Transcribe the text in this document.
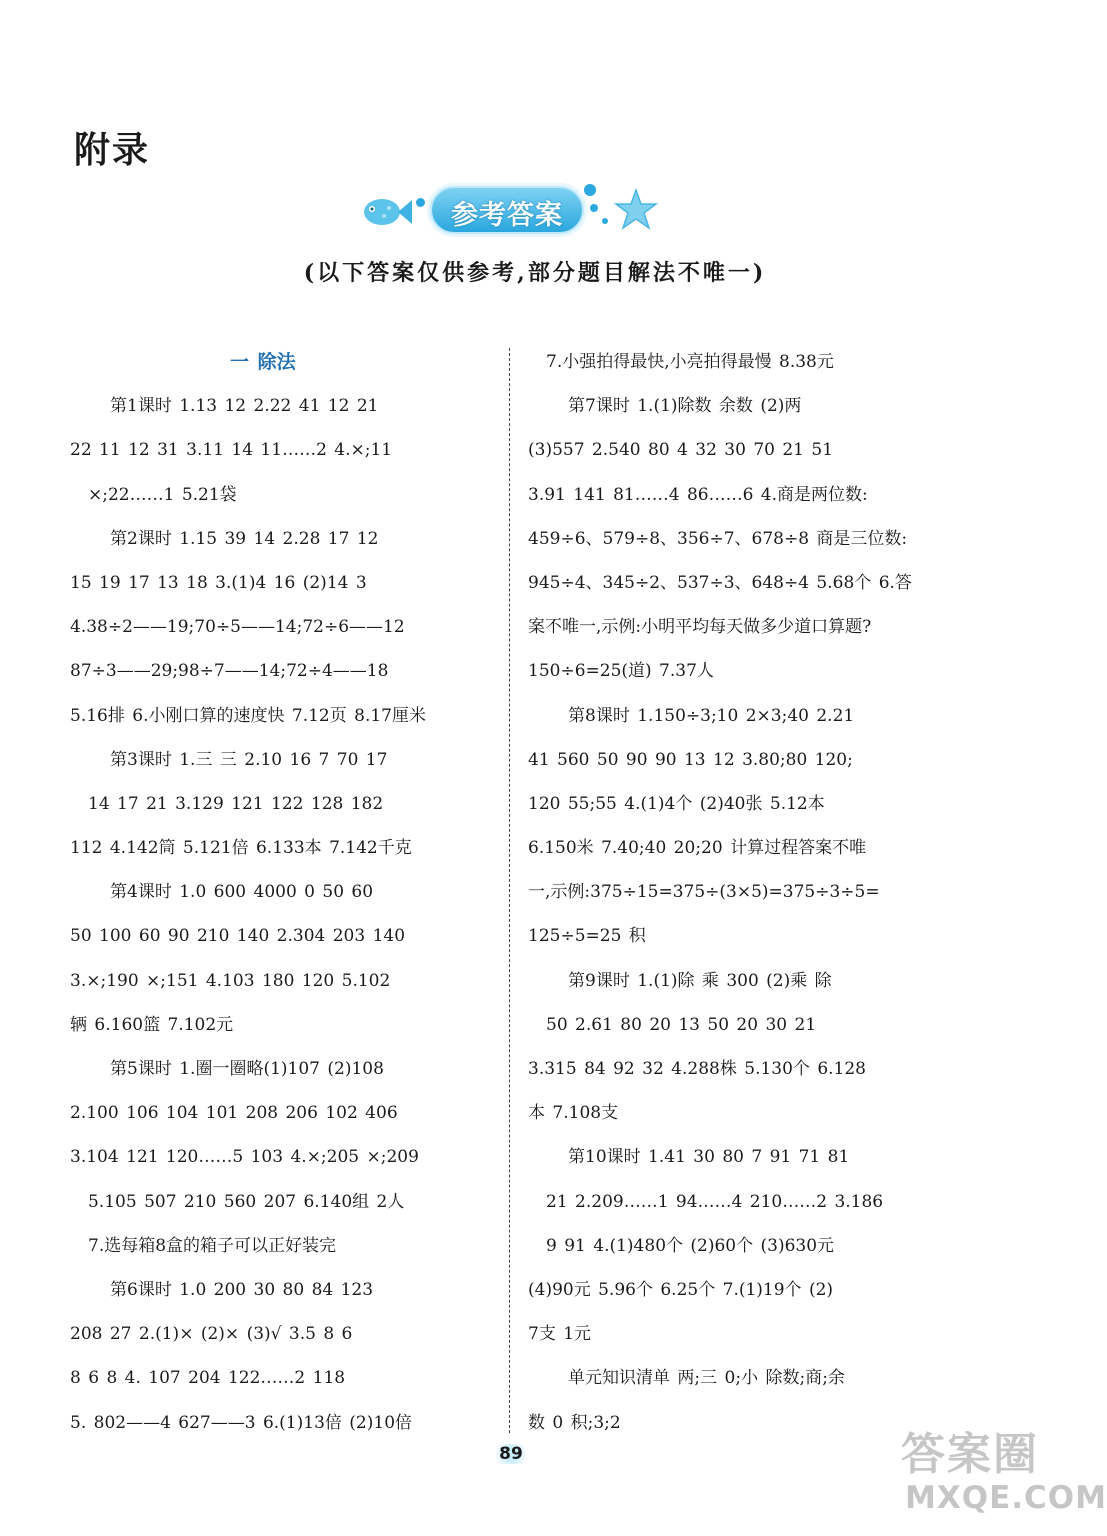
附录
参考答案
(以下答案仅供参考,部分题目解法不唯一)
一 除法
第1课时 1.13 12 2.22 41 12 21
22 11 12 31 3.11 14 11……2 4.×;11
×;22……1 5.21袋
第2课时 1.15 39 14 2.28 17 12
15 19 17 13 18 3.(1)4 16 (2)14 3
4.38÷2——19;70÷5——14;72÷6——12
87÷3——29;98÷7——14;72÷4——18
5.16排 6.小刚口算的速度快 7.12页 8.17厘米
第3课时 1.三 三 2.10 16 7 70 17
14 17 21 3.129 121 122 128 182
112 4.142筒 5.121倍 6.133本 7.142千克
第4课时 1.0 600 4000 0 50 60
50 100 60 90 210 140 2.304 203 140
3.×;190 ×;151 4.103 180 120 5.102
辆 6.160篮 7.102元
第5课时 1.圈一圈略(1)107 (2)108
2.100 106 104 101 208 206 102 406
3.104 121 120……5 103 4.×;205 ×;209
5.105 507 210 560 207 6.140组 2人
7.选每箱8盒的箱子可以正好装完
第6课时 1.0 200 30 80 84 123
208 27 2.(1)× (2)× (3)√ 3.5 8 6
8 6 8 4. 107 204 122……2 118
5. 802——4 627——3 6.(1)13倍 (2)10倍
7.小强拍得最快,小亮拍得最慢 8.38元
第7课时 1.(1)除数 余数 (2)两
(3)557 2.540 80 4 32 30 70 21 51
3.91 141 81……4 86……6 4.商是两位数:
459÷6、579÷8、356÷7、678÷8 商是三位数:
945÷4、345÷2、537÷3、648÷4 5.68个 6.答
案不唯一,示例:小明平均每天做多少道口算题?
150÷6=25(道) 7.37人
第8课时 1.150÷3;10 2×3;40 2.21
41 560 50 90 90 13 12 3.80;80 120;
120 55;55 4.(1)4个 (2)40张 5.12本
6.150米 7.40;40 20;20 计算过程答案不唯
一,示例:375÷15=375÷(3×5)=375÷3÷5=
125÷5=25 积
第9课时 1.(1)除 乘 300 (2)乘 除
50 2.61 80 20 13 50 20 30 21
3.315 84 92 32 4.288株 5.130个 6.128
本 7.108支
第10课时 1.41 30 80 7 91 71 81
21 2.209……1 94……4 210……2 3.186
9 91 4.(1)480个 (2)60个 (3)630元
(4)90元 5.96个 6.25个 7.(1)19个 (2)
7支 1元
单元知识清单 两;三 0;小 除数;商;余
数 0 积;3;2
89	答案圈
MXQE.COM
